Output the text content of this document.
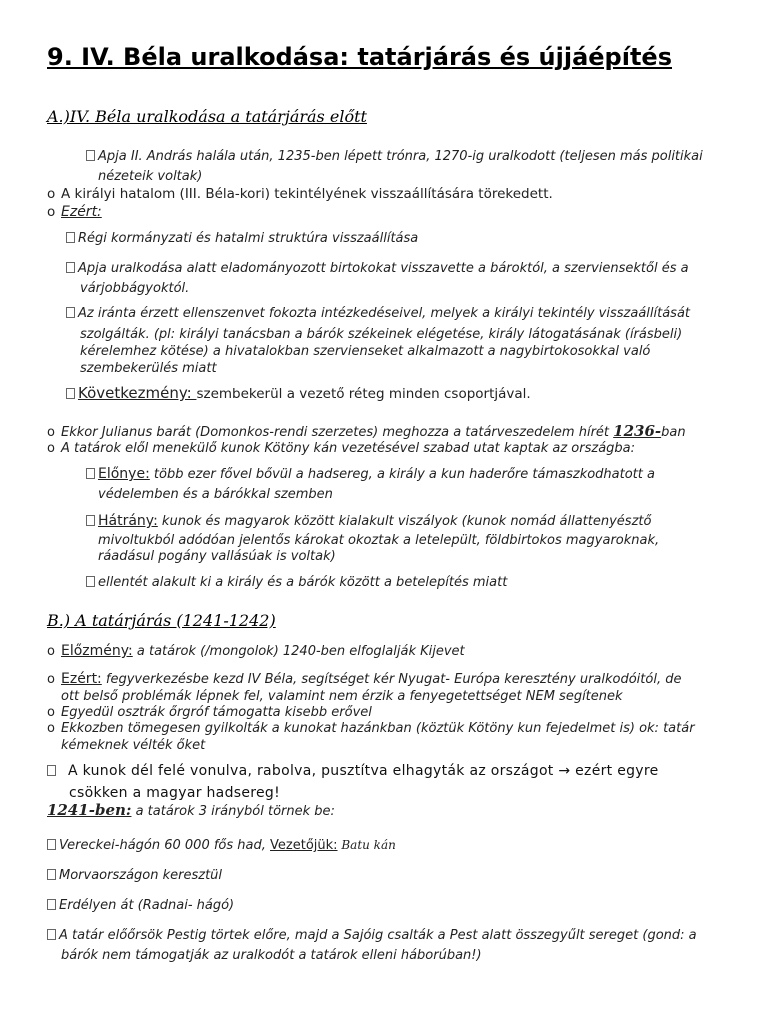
9. IV. Béla uralkodása: tatárjárás és újjáépítés
A.)IV. Béla uralkodása a tatárjárás előtt
Apja II. András halála után, 1235-ben lépett trónra, 1270-ig uralkodott (teljesen más politikai
nézeteik voltak)
o A királyi hatalom (III. Béla-kori) tekintélyének visszaállítására törekedett.
o Ezért:
Régi kormányzati és hatalmi struktúra visszaállítása
Apja uralkodása alatt eladományozott birtokokat visszavette a bároktól, a szerviensektől és a
várjobbágyoktól.
Az iránta érzett ellenszenvet fokozta intézkedéseivel, melyek a királyi tekintély visszaállítását
szolgálták. (pl: királyi tanácsban a bárók székeinek elégetése, király látogatásának (írásbeli)
kérelemhez kötése) a hivatalokban szervienseket alkalmazott a nagybirtokosokkal való
szembekerülés miatt
Következmény: szembekerül a vezető réteg minden csoportjával.
o Ekkor Julianus barát (Domonkos-rendi szerzetes) meghozza a tatárveszedelem hírét 1236-ban
o A tatárok elől menekülő kunok Kötöny kán vezetésével szabad utat kaptak az országba:
Előnye: több ezer fővel bővül a hadsereg, a király a kun haderőre támaszkodhatott a
védelemben és a bárókkal szemben
Hátrány: kunok és magyarok között kialakult viszályok (kunok nomád állattenyésztő
mivoltukból adódóan jelentős károkat okoztak a letelepült, földbirtokos magyaroknak,
ráadásul pogány vallásúak is voltak)
ellentét alakult ki a király és a bárók között a betelepítés miatt
B.) A tatárjárás (1241-1242)
o Előzmény: a tatárok (/mongolok) 1240-ben elfoglalják Kijevet
o Ezért: fegyverkezésbe kezd IV Béla, segítséget kér Nyugat- Európa keresztény uralkodóitól, de
ott belső problémák lépnek fel, valamint nem érzik a fenyegetettséget NEM segítenek
o Egyedül osztrák őrgróf támogatta kisebb erővel
o Ekkozben tömegesen gyilkolták a kunokat hazánkban (köztük Kötöny kun fejedelmet is) ok: tatár
kémeknek vélték őket
A kunok dél felé vonulva, rabolva, pusztítva elhagyták az országot → ezért egyre
csökken a magyar hadsereg!
1241-ben: a tatárok 3 irányból törnek be:
Vereckei-hágón 60 000 fős had, Vezetőjük: Batu kán
Morvaországon keresztül
Erdélyen át (Radnai- hágó)
A tatár előőrsök Pestig törtek előre, majd a Sajóig csalták a Pest alatt összegyűlt sereget (gond: a
bárók nem támogatják az uralkodót a tatárok elleni háborúban!)
